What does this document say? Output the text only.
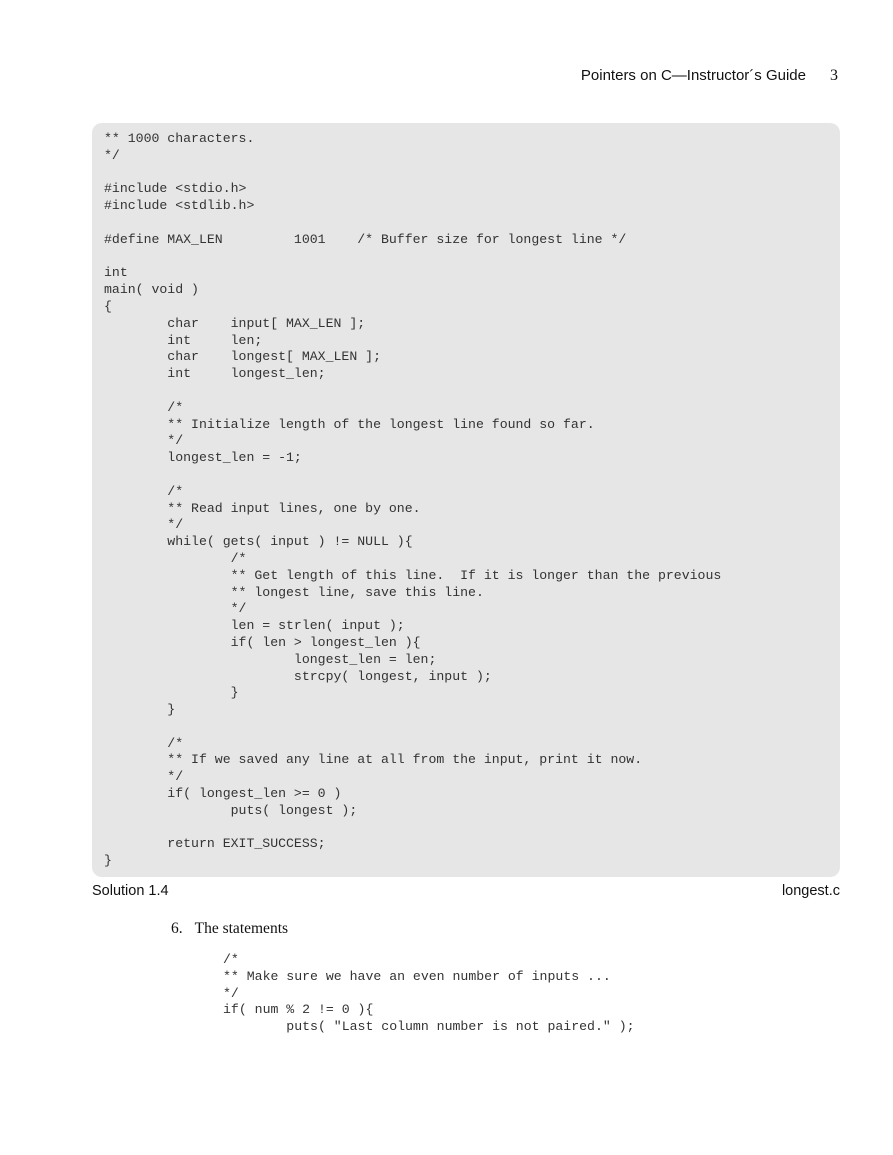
Pointers on C—Instructor´s Guide 3
** 1000 characters.
*/

#include <stdio.h>
#include <stdlib.h>

#define MAX_LEN         1001    /* Buffer size for longest line */

int
main( void )
{
char    input[ MAX_LEN ];
int     len;
char    longest[ MAX_LEN ];
int     longest_len;

/*
** Initialize length of the longest line found so far.
*/
longest_len = -1;

/*
** Read input lines, one by one.
*/
while( gets( input ) != NULL ){
/*
** Get length of this line.  If it is longer than the previous
** longest line, save this line.
*/
len = strlen( input );
if( len > longest_len ){
longest_len = len;
strcpy( longest, input );
}
}

/*
** If we saved any line at all from the input, print it now.
*/
if( longest_len >= 0 )
puts( longest );

return EXIT_SUCCESS;
}
Solution 1.4	longest.c
6. The statements
/*
** Make sure we have an even number of inputs ...
*/
if( num % 2 != 0 ){
puts( "Last column number is not paired." );
